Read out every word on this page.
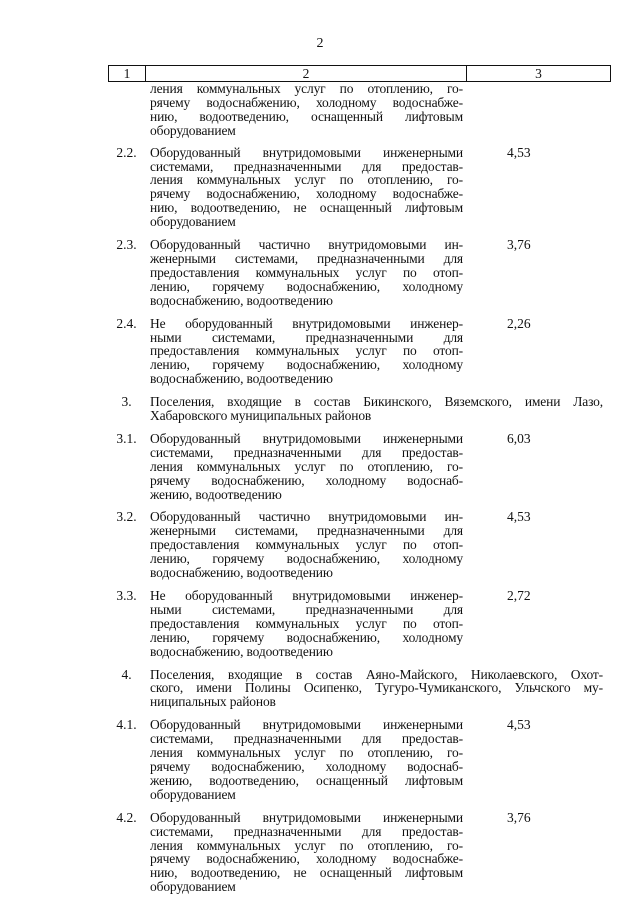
2
1	2	3
ления коммунальных услуг по отоплению, го-
рячему водоснабжению, холодному водоснабже-
нию, водоотведению, оснащенный лифтовым
оборудованием
2.2. Оборудованный внутридомовыми инженерными
системами, предназначенными для предостав-
ления коммунальных услуг по отоплению, го-
рячему водоснабжению, холодному водоснабже-
нию, водоотведению, не оснащенный лифтовым
оборудованием
4,53
2.3. Оборудованный частично внутридомовыми ин-
женерными системами, предназначенными для
предоставления коммунальных услуг по отоп-
лению, горячему водоснабжению, холодному
водоснабжению, водоотведению
3,76
2.4. Не оборудованный внутридомовыми инженер-
ными системами, предназначенными для
предоставления коммунальных услуг по отоп-
лению, горячему водоснабжению, холодному
водоснабжению, водоотведению
2,26
3.	Поселения, входящие в состав Бикинского, Вяземского, имени Лазо,
Хабаровского муниципальных районов
3.1. Оборудованный внутридомовыми инженерными
системами, предназначенными для предостав-
ления коммунальных услуг по отоплению, го-
рячему водоснабжению, холодному водоснаб-
жению, водоотведению
6,03
3.2. Оборудованный частично внутридомовыми ин-
женерными системами, предназначенными для
предоставления коммунальных услуг по отоп-
лению, горячему водоснабжению, холодному
водоснабжению, водоотведению
4,53
3.3. Не оборудованный внутридомовыми инженер-
ными системами, предназначенными для
предоставления коммунальных услуг по отоп-
лению, горячему водоснабжению, холодному
водоснабжению, водоотведению
2,72
4.	Поселения, входящие в состав Аяно-Майского, Николаевского, Охот-
ского, имени Полины Осипенко, Тугуро-Чумиканского, Ульчского му-
ниципальных районов
4.1. Оборудованный внутридомовыми инженерными
системами, предназначенными для предостав-
ления коммунальных услуг по отоплению, го-
рячему водоснабжению, холодному водоснаб-
жению, водоотведению, оснащенный лифтовым
оборудованием
4,53
4.2. Оборудованный внутридомовыми инженерными
системами, предназначенными для предостав-
ления коммунальных услуг по отоплению, го-
рячему водоснабжению, холодному водоснабже-
нию, водоотведению, не оснащенный лифтовым
оборудованием
3,76
